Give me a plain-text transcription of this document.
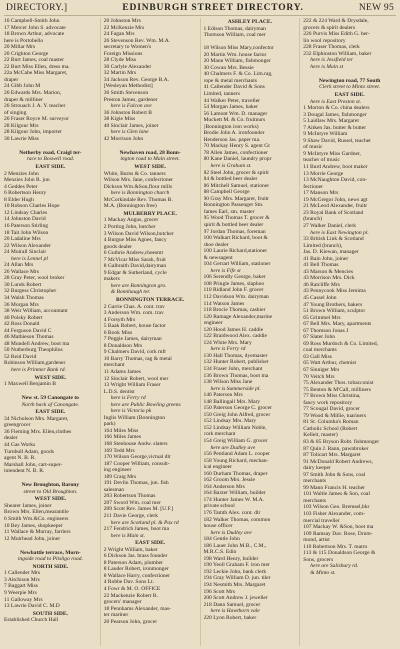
DIRECTORY.]	EDINBURGH STREET DIRECTORY.	NEW 95
16 Campbell-Smith John
17 Mercer John S. advocate
18 Brown Arthur, advocate
here is Portobello
20 Millar Mrs
20 Crighton George
22 Burt James, coal master
22 Burt Miss Ellen, dress ma.
22a McCabe Miss Margaret,
draper
24 Gibb John M
26 Edwards Mrs. Marion,
draper & milliner
26 Strouach J. A. Y. teacher
of singing
26 Fraser Royce M. surveyor
28 Kilgour Mrs
28 Kilgour John, importer
30 Lawrie Miss

Netherby road, Craigl ter-
race to Boswell road.
EAST SIDE.
2 Menzies John
Menzies John R. jun
4 Geddes Peter
6 Robertson Henry
8 Elder Hugh
10 Robson Charles Hope
12 Lindsay Charles
14 Johnston David
16 Paterson Stirling
18 Tait John Wilson
20 Ladaline Mrs
22 Wilson Alexander
24 Muirall Sinclair
here is Lennel pl
24 Allan Mrs
26 Wallace Mrs
28 Gray Peter, wool broker
30 Lunds Robert
32 Burgess Christopher
34 Walsh Thomas
36 Morgan Mrs
38 Weir William, accountant
40 Polsky Robert
42 Ross Donald
44 Ferguson David C
46 Mathieson Thomas
48 Mundell Andrew, boot ma
50 Nutherburg Theophilus
52 Reid David
Robinson William,gardener
here is Prinmer Bank rd.
WEST SIDE.
1 Maxwell Benjamin B

New st. 59 Canongate to
North back of Canongate.
EAST SIDE.
34 Nicholson Mrs. Margaret,
greengrocer
36 Fleming Mrs. Ellen,clothes
dealer
44 Gas Works
Turnbull Adam, goods
agent N. B. R.
Marshall John, cart-super-
intendent N. B. R.

New Broughton, Barony
street to Old Broughton.
WEST SIDE.
Shearer James, joiner
Brown Mrs. Ellen,mearantile
6 Smith Wm.&Co. engineers
10 Bey James, shopkeeper
11 Wallace & Murray, farriers
12 Muirhead John, joiner

Newbattle terrace, Morn-
ingside road to Pitsligo road.
NORTH SIDE.
1 Callender Mrs
3 Aitchison Mrs
7 Baggart Miss
9 Weerpie Mrs
11 Galloway Mrs
13 Lawrie David C. M.D
SOUTH SIDE.
Established Church Hall
20 Johnston Mrs
22 McKenzie Mrs
24 Fagan Mrs
26 Stevenson Rev. Wm. M.A.
secretary to Women's
Foreign Missions
28 Clyde Miss
30 Carlyle Alexander
32 Martin Mrs
34 Jackson Rev. George B.A.
[Wesleyan Methodist]
36 Smith Stevenson
Preston James, gardener
here is Falcon ave
36 Johnston Robert B
38 Kigie Miss
40 Sinclair James, joiner
here is Glen lane
42 Morrison John

Newhaven road, 28 Bonn-
ington road to Main street.
WEST SIDE.
White, Burns & Co. tanners
Wilson Mrs. Jane, confectioner
Dickson Wm.&Son,flour mills
here is Bonnington church
McCorkindale Rev. Thomas B.
M.A. (Bonnington free)
MULBERRY PLACE.
1 Mackay Angus, grocer
2 Portlog John, butcher
3 Wilson David Wilson,butcher
4 Burgue Miss Agnes, fancy
goods dealer
6 Guthrie Andrew,cheesmt
7 McVicar Miss Sarah, fruit
8 Galbraith David,dairyman
9 Edgar & Sutherland, cycle
makers
here are Bonnington gro.
& Bonnhaugh ter.
BONNINGTON TERRACE.
2 Garrie Chas. A. cont. trav
3 Anderson Wm. com. trav
4 Forsyth Mrs
5 Baak Robert, house factor
6 Book Miss
7 Peggie James, dairyman
8 Donaldson Mrs
9 Chalmers David, cork mfr
10 Barry Thomas, rag & metal
merchant
11 Adams James
12 Sinclair Robert, wool mer
13 Wright William Fraser
L.D.S. dentist
here is Ferry rd
here are Public Bowling greens
here is Victoria pk
Inglis William (Bonnington
park)
164 Miles Miss
166 Miles James
168 Stenhouse Andw. slaters
169 Tedd Mrs
170 Wilson George,victual dlr
187 Cooper William, consult-
ing engineer
189 Craig Mrs
191 Devlin Thomas, jun. fish
salesman
203 Robertson Thomas
207 Sword Wm. coal mer
209 Scott Rev. James M. [U.F.]
211 Davie George, clerk
here are Scotland pl. & Pax rd
217 Fendrich James, boot ma
here is Main st.
EAST SIDE.
2 Wright William, baker
6 Dickson Jas. brass founder
8 Paterson Adam, plumber
8 Lauder Robert, ironmonger
8 Wallace Harry, confectioner
4 Robbe Dav. Sons Lt.
4 Fowr & M. O. OFFICE
22 Mackenzie Robert R.
grocers' manager
18 Pennhams Alexander, mas-
ter mariner
20 Pearson John, grocer
ASHLEY PLACE.
1 Edison Thomas, dairyman
Thomson William, coal mer

18 Wilson Miss Mary,confectnr
20 Martin Wm. house factor
20 Mann William, fishmonger
30 Cowan Mrs. Bessie
40 Chalmers F. & Co. Lim.rag,
rope & metal merchants
41 Callender David & Sons
Limited, tanners
44 Walker Peter, traveller
54 Morgan James, baker
56 Lamont Wm. D. manager
Muckett M. & Co. fruitnurs
(Bonnington iron works)
Brodie John A. ironfounder
Henderson Jas. paper ma.
70 Mackay Henry S. agent Gr
78 Allen James, confectioner
80 Kane Daniel, laundry propr
here is Graham st.
82 Steel John, grocer & spirit
84 & bottled beer dealer
86 Mitchell Samuel, stationer
88 Campbell George
90 Gray Mrs. Margaret, fruitr
Bonnington Passenger Stn.
James Earl, stn. master
95 Wood Thomas T. grocer &
spirit & bottled beer dealer
97 Jordan Thomas, foreman
100 Walkart Richard, boot &
shoe dealer
100 Laurie Richard,stationer
& newsagent
104 Gerrart William, stationer
here is Fife st
106 Serendly George, baker
108 Pringle James, slaphoo
110 Ridland John F. grocer
112 Davidson Wm. dairyman
114 Watson James
118 Brocie Thomas, cashier
120 Ramage Alexander,marine
engineer
120 Hood James H. caddie
122 Braidwood Alex. caddie
124 White Mrs. Mary
here is Ferry rd
130 Hall Thomas, dyemaster
132 Hunter Robert, publisher
134 Fraser John, merchant
136 Brown Thomas, boot ma
138 Wilson Miss Jane
here is Summerside pl.
146 Paterson Mrs
148 Ballingall Mrs. Mary
150 Paterson George C. grocer
150 Greig John Alfred, grocer
152 Lindsay Mrs. Mary
152 Lindsay William Noble,
cork merchant
154 Greig William G. grocer
here are Dudley ave
156 Pentland Adam L. cooper
158 Young Richard, mechan-
ical engineer
160 Durham Thomas, draper
162 Groom Mrs. Jessie
164 Anderson Mrs
164 Baxter William, builder
174 Hunter James W. M.A.
private school
176 Tamth Alex. cont. dlr
182 Walker Thomas, common
house officer
here is Dudley ave
184 Gentle John
186 Lauer John M.B., C.M.,
M.R.C.S. Edin
198 Ward Henry, builder
190 Yeoll Graham F. iron mer
192 Leckie John, bank clerk
194 Gray William D. jun. tiler
194 Nesmith Mrs. Margaret
196 Scott Mrs
200 Scott Andrew J. jeweller
218 Dann Samuel, grocer
here is Hawthorn vale
220 Lyon Robert, baker
222 & 224 Ward & Drysdale,
grocers & spirit dealers
226 Purvis Miss Edith G. ber-
lin wool repository
228 Fraser Thomas, clerk
232 Elphinston William, baker
here is Jessfield ter
here is Main st

Newington road, 77 South
Clerk street to Minto street.
EAST SIDE.
here is East Preston st.
1 Morton & Co. china dealers
3 Dougal James, fishmonger
5 Laidlaw Mrs. Margaret
7 Aitken Jas. butter & butter
9 McIntyre William
9 Shaw David, Russel, teacher
of music
9 McIntyre Miss Gardner,
teacher of music
11 Burd Andrew, boot maker
13 Morrie George
13 McNaughton David, con-
fectioner
17 Manson Mrs
19 McGregor John, news agt
21 McLeod Alexander, fruitr
23 Royal Bank of Scotland
(branch)
27 Walker Daniel, clerk
here is East Newington pl.
33 British Link & Scotland
Limited (branch),
Jas. D. Kiewan, manager
41 Bain John, joiner
41 Bell Thomas
43 Marson & Mencies
43 Morrison Mrs. Dick
46 Ratcliffe Mrs
43 Pennycook Miss Jemima
45 Cassel John
47 Young Brothers, bakers
51 Brown William, sculptor
65 Grimmel Mrs
67 Bell Mrs. Mary, apartments
67 Thomson Jonas J
67 Slater John
69 Ross Murdoch & Co. Limited,
coal merchants
63 Gall Miss
65 Watt Arthur, chemist
67 Sinniger Mrs
70 Veitch Mrs
75 Alexander Thos. tobacconist
75 Benton & M'Call, milliners
77 Brown Miss Christina,
fancy work repository
77 Scougal David, grocer
79 Wood & Millie, tuariners
81 St. Columba's Roman
Catholic School (Robert
Kelleit, master)
83 & 85 Bryson Robt. fishmonger
87 Quin J. Rann, pawnbroker
87 Tolicart Mrs. Margaret
91 McDonald Robert Andrews,
dairy keeper
97 Smith John & Sons, coal
merchants
99 Mann Francis H. teacher
101 Waltle James & Son, coal
merchants
103 Wilson Geo. Bremsel,bkr
103 Fisher Alexander, com-
mercial traveller
107 Mackay W. &Son, boot ma
109 Ramsay Dav. Rose, Drum-
mond, artist
110 Robertson Mrs. T. matro
113 & 115 Donaldson George &
Sons, grocers
here are Salisbury rd.
& Minto st.
